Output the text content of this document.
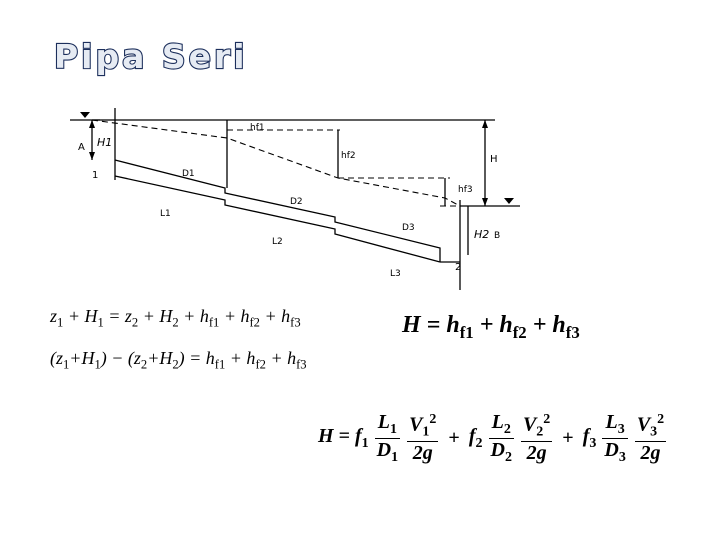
Pipa Seri
A H1
1
hf1
hf2
hf3
H
D1
D2
D3
L1
L2
L3
H2 B
2
$z_1 + H_1 = z_2 + H_2 + h_{f1} + h_{f2} + h_{f3}$
$(z_1+H_1) - (z_2+H_2) = h_{f1} + h_{f2} + h_{f3}$
$H = h_{f1} + h_{f2} + h_{f3}$
$H = f_1 \frac{L_1}{D_1}$
$\frac{V_1^2}{2g} + f_2 \frac{L_2}{D_2}$
$\frac{V_2^2}{2g} + f_3 \frac{L_3}{D_3}$
$\frac{V_3^2}{2g}$
